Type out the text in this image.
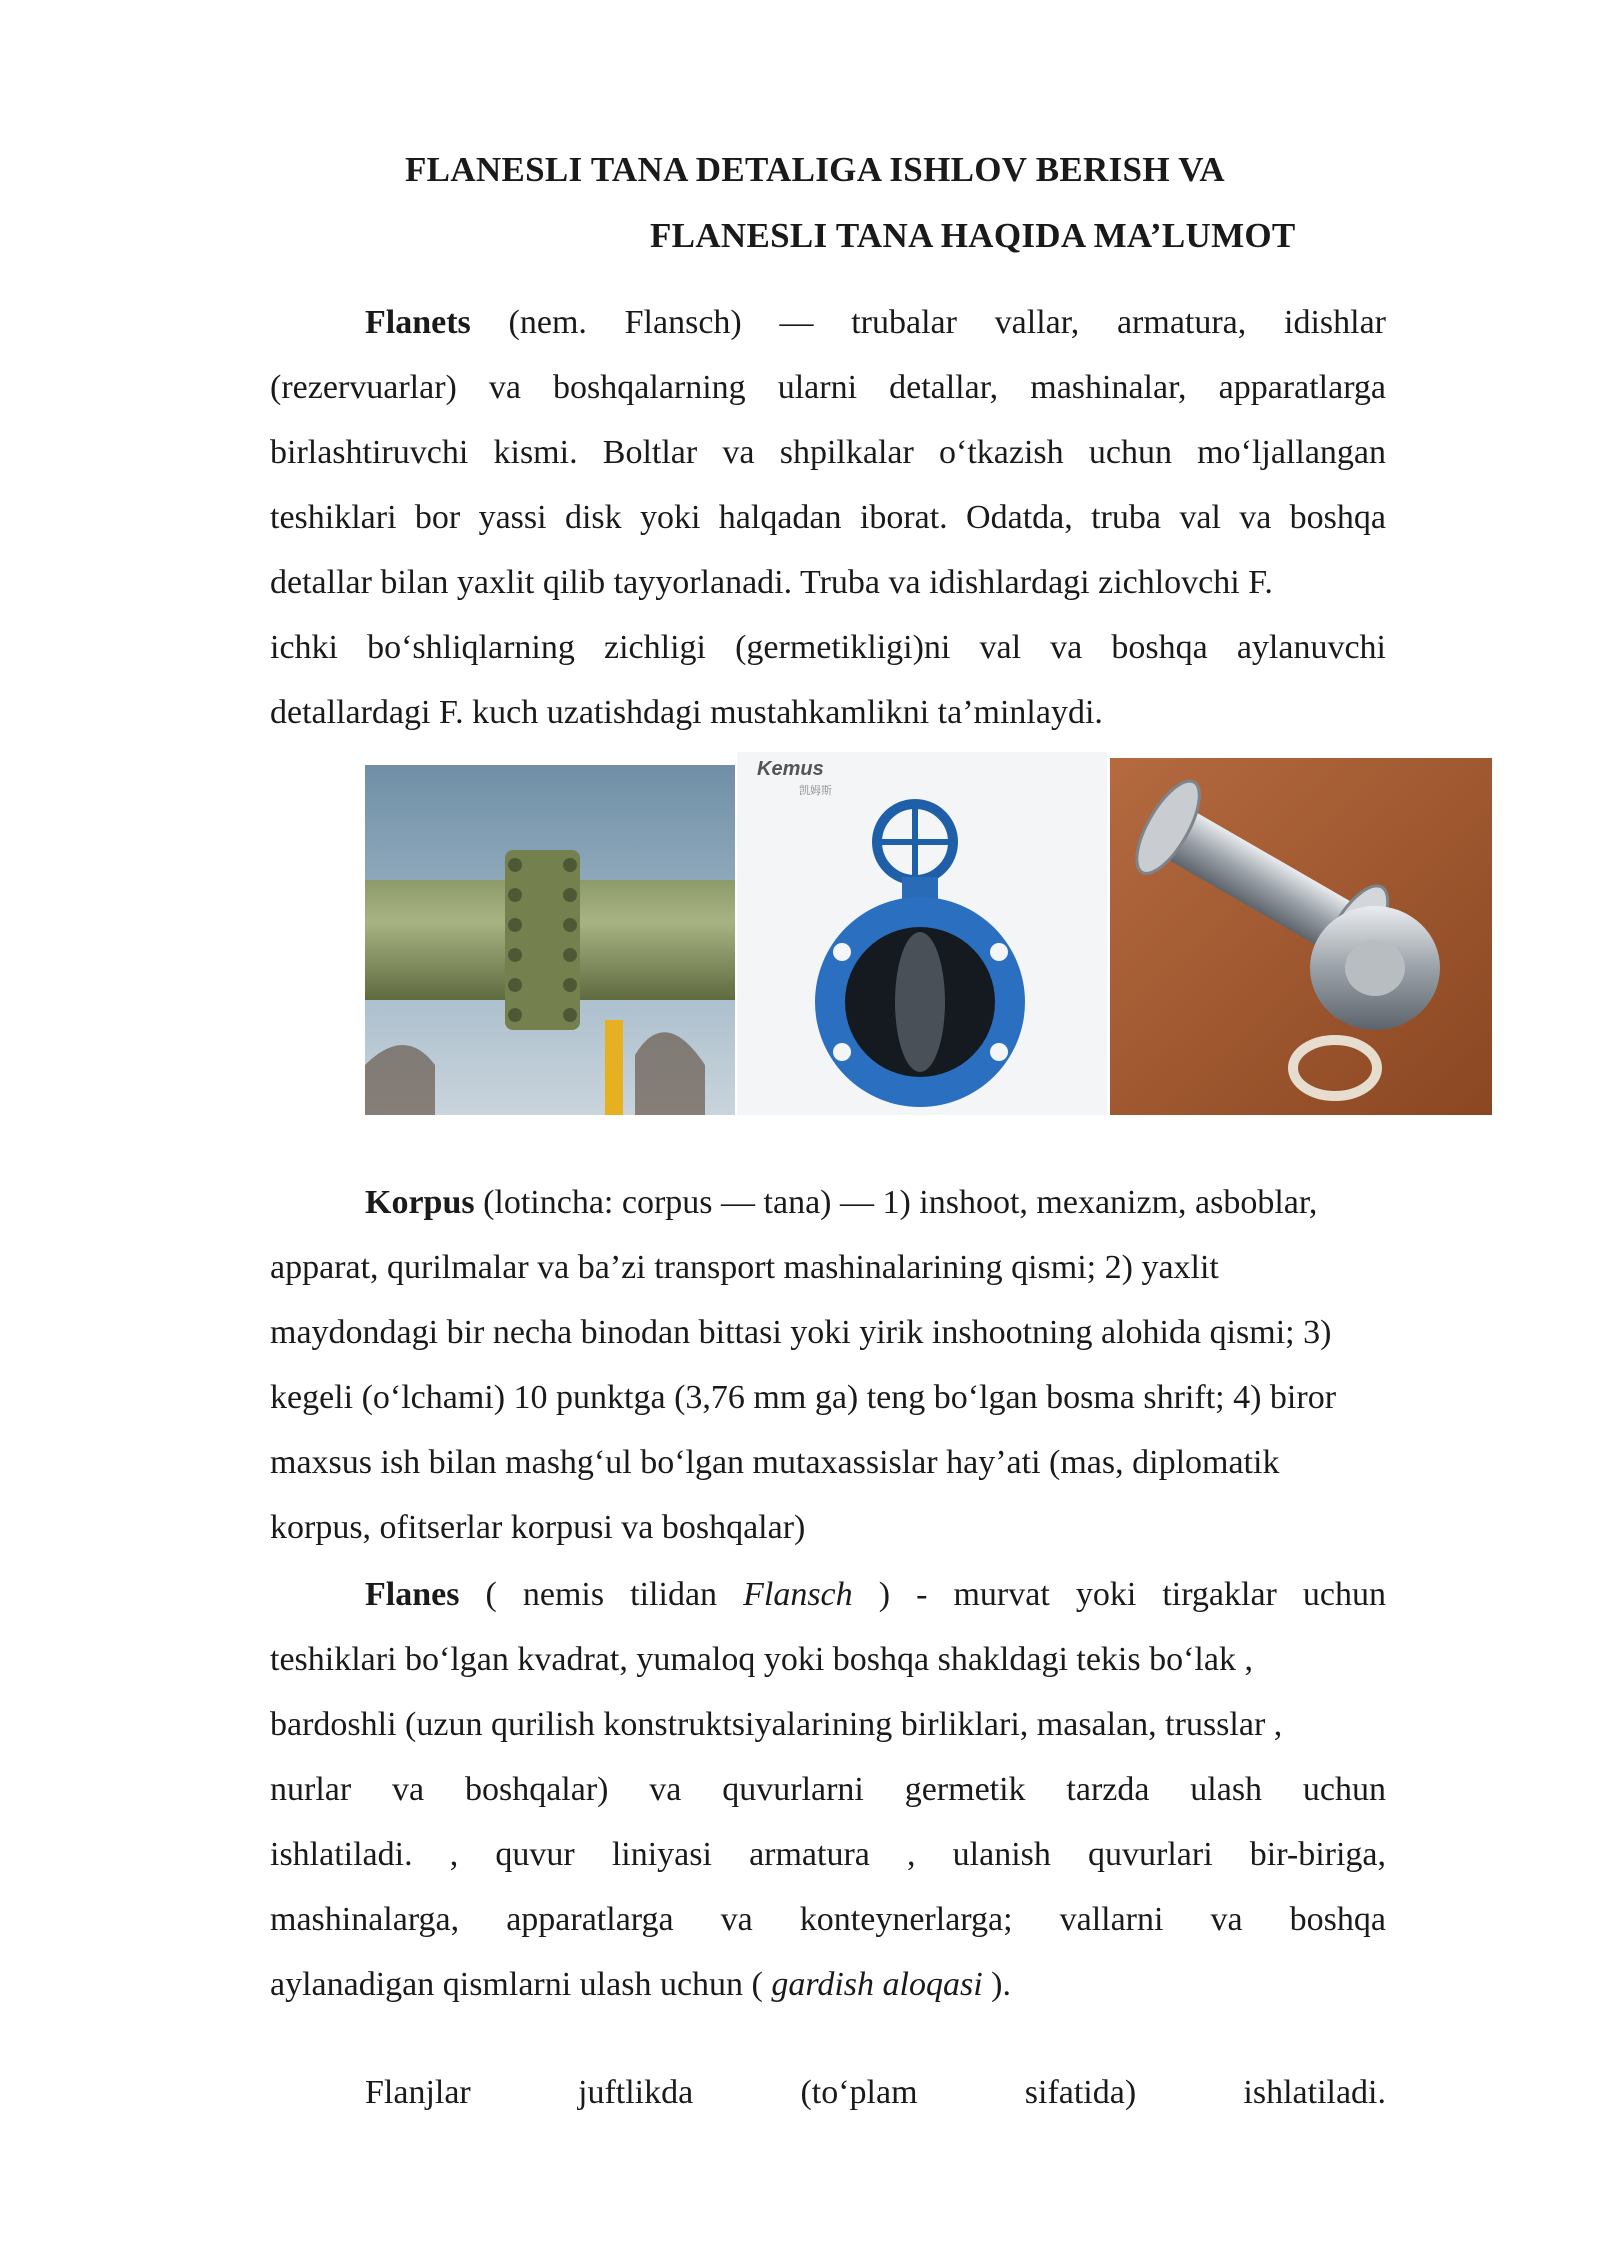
FLANESLI TANA DETALIGA ISHLOV BERISH VA
FLANESLI TANA HAQIDA MA’LUMOT
Flanets (nem. Flansch) — trubalar vallar, armatura, idishlar
(rezervuarlar) va boshqalarning ularni detallar, mashinalar, apparatlarga
birlashtiruvchi kismi. Boltlar va shpilkalar o‘tkazish uchun mo‘ljallangan
teshiklari bor yassi disk yoki halqadan iborat. Odatda, truba val va boshqa
detallar bilan yaxlit qilib tayyorlanadi. Truba va idishlardagi zichlovchi F.
ichki bo‘shliqlarning zichligi (germetikligi)ni val va boshqa aylanuvchi
detallardagi F. kuch uzatishdagi mustahkamlikni ta’minlaydi.
Kemus
凯姆斯
Korpus (lotincha: corpus — tana) — 1) inshoot, mexanizm, asboblar,
apparat, qurilmalar va ba’zi transport mashinalarining qismi; 2) yaxlit
maydondagi bir necha binodan bittasi yoki yirik inshootning alohida qismi; 3)
kegeli (o‘lchami) 10 punktga (3,76 mm ga) teng bo‘lgan bosma shrift; 4) biror
maxsus ish bilan mashg‘ul bo‘lgan mutaxassislar hay’ati (mas, diplomatik
korpus, ofitserlar korpusi va boshqalar)
Flanes ( nemis tilidan Flansch ) - murvat yoki tirgaklar uchun
teshiklari bo‘lgan kvadrat, yumaloq yoki boshqa shakldagi tekis bo‘lak ,
bardoshli (uzun qurilish konstruktsiyalarining birliklari, masalan, trusslar ,
nurlar va boshqalar) va quvurlarni germetik tarzda ulash uchun
ishlatiladi. , quvur liniyasi armatura , ulanish quvurlari bir-biriga,
mashinalarga, apparatlarga va konteynerlarga; vallarni va boshqa
aylanadigan qismlarni ulash uchun ( gardish aloqasi ).
Flanjlar juftlikda (to‘plam sifatida) ishlatiladi.
